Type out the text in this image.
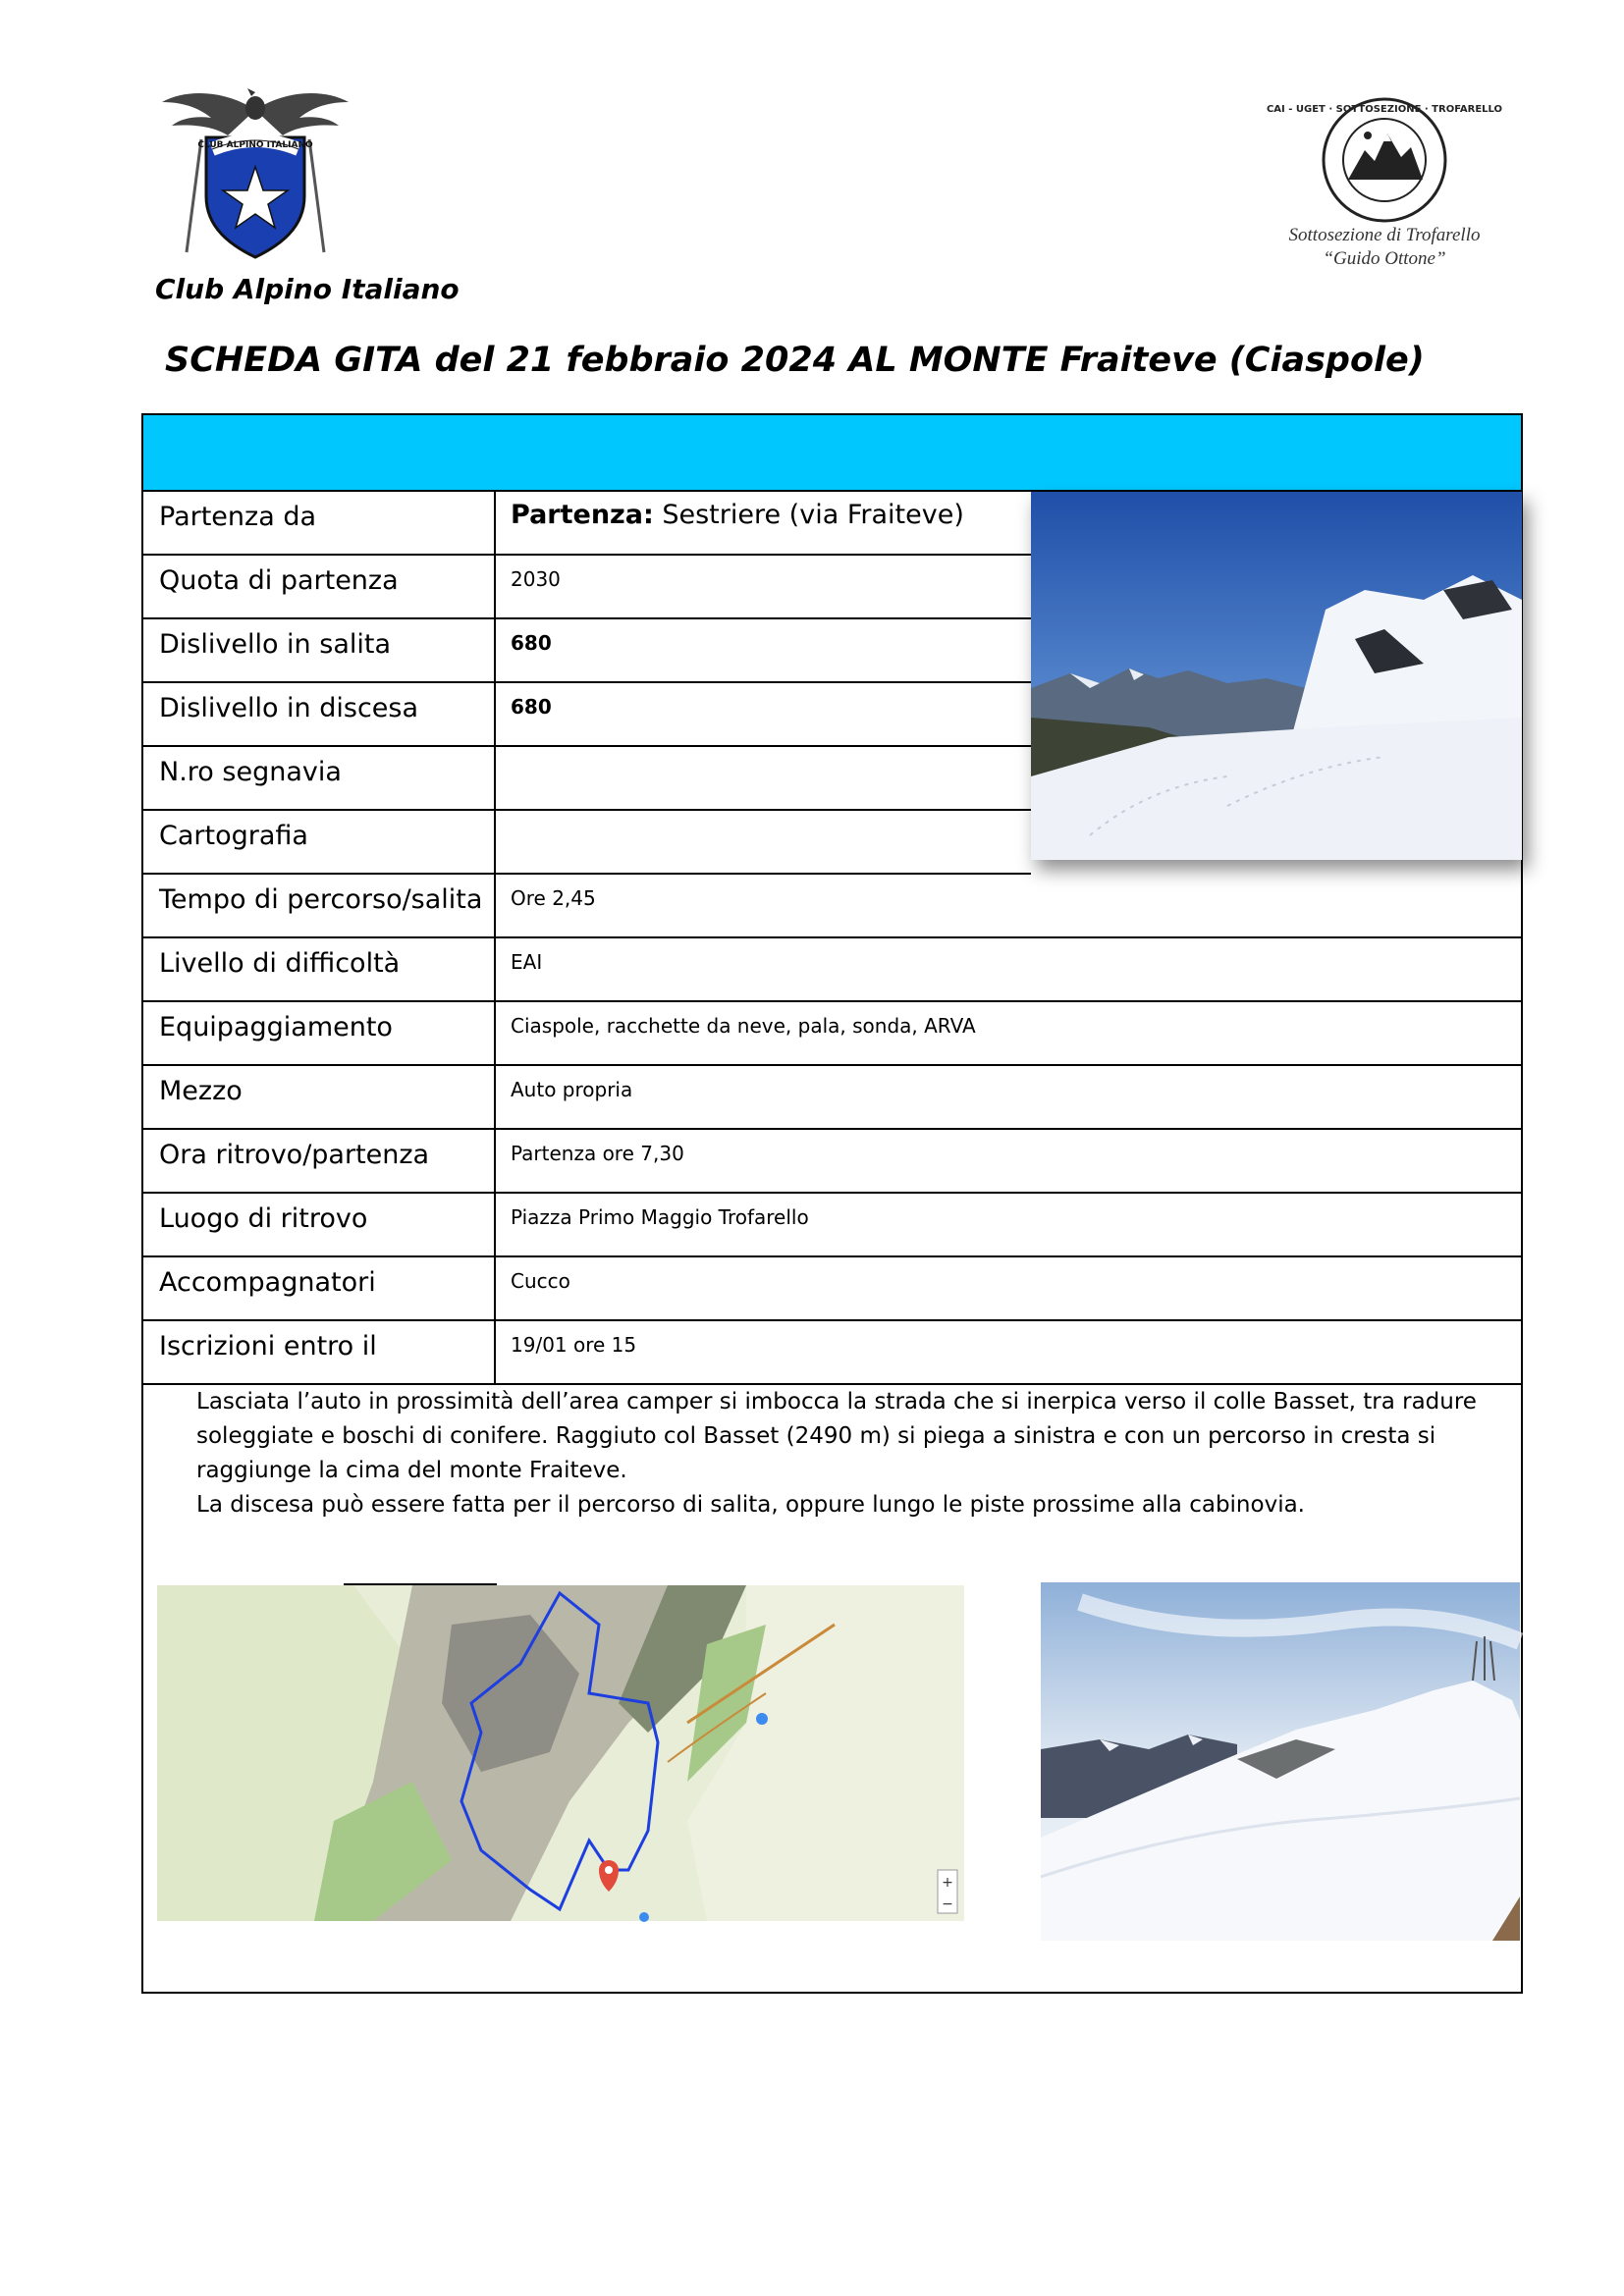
CLUB ALPINO ITALIANO
Club Alpino Italiano
CAI - UGET · SOTTOSEZIONE · TROFARELLO
Sottosezione di Trofarello
“Guido Ottone”
SCHEDA GITA del 21 febbraio 2024 AL MONTE Fraiteve (Ciaspole)
Partenza da	Partenza: Sestriere (via Fraiteve)
Quota di partenza	2030
Dislivello in salita	680
Dislivello in discesa	680
N.ro segnavia
Cartografia
Tempo di percorso/salita Ore 2,45
Livello di difficoltà	EAI
Equipaggiamento	Ciaspole, racchette da neve, pala, sonda, ARVA
Mezzo	Auto propria
Ora ritrovo/partenza	Partenza ore 7,30
Luogo di ritrovo	Piazza Primo Maggio Trofarello
Accompagnatori	Cucco
Iscrizioni entro il	19/01 ore 15

Lasciata l’auto in prossimità dell’area camper si imbocca la strada che si inerpica verso il colle Basset, tra radure

soleggiate e boschi di conifere. Raggiuto col Basset (2490 m) si piega a sinistra e con un percorso in cresta si

raggiunge la cima del monte Fraiteve.

La discesa può essere fatta per il percorso di salita, oppure lungo le piste prossime alla cabinovia.

+
−
